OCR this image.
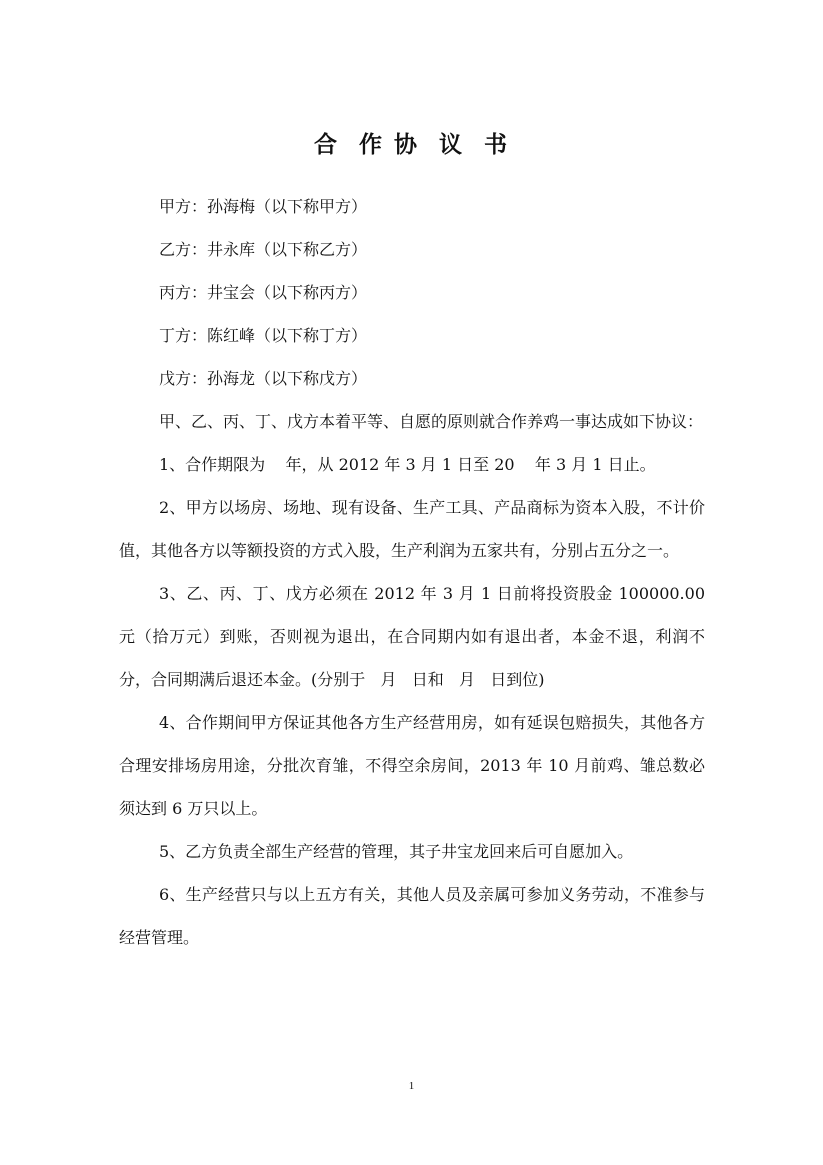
合  作 协  议  书

甲方：孙海梅（以下称甲方）

乙方：井永库（以下称乙方）

丙方：井宝会（以下称丙方）

丁方：陈红峰（以下称丁方）

戊方：孙海龙（以下称戊方）

甲、乙、丙、丁、戊方本着平等、自愿的原则就合作养鸡一事达成如下协议：

1、合作期限为    年，从 2012 年 3 月 1 日至 20    年 3 月 1 日止。

2、甲方以场房、场地、现有设备、生产工具、产品商标为资本入股，不计价值，其他各方以等额投资的方式入股，生产利润为五家共有，分别占五分之一。

3、乙、丙、丁、戊方必须在 2012 年 3 月 1 日前将投资股金 100000.00 元（拾万元）到账，否则视为退出，在合同期内如有退出者，本金不退，利润不分，合同期满后退还本金。(分别于   月   日和   月   日到位)

4、合作期间甲方保证其他各方生产经营用房，如有延误包赔损失，其他各方合理安排场房用途，分批次育雏，不得空余房间，2013 年 10 月前鸡、雏总数必须达到 6 万只以上。

5、乙方负责全部生产经营的管理，其子井宝龙回来后可自愿加入。

6、生产经营只与以上五方有关，其他人员及亲属可参加义务劳动，不准参与经营管理。

1
